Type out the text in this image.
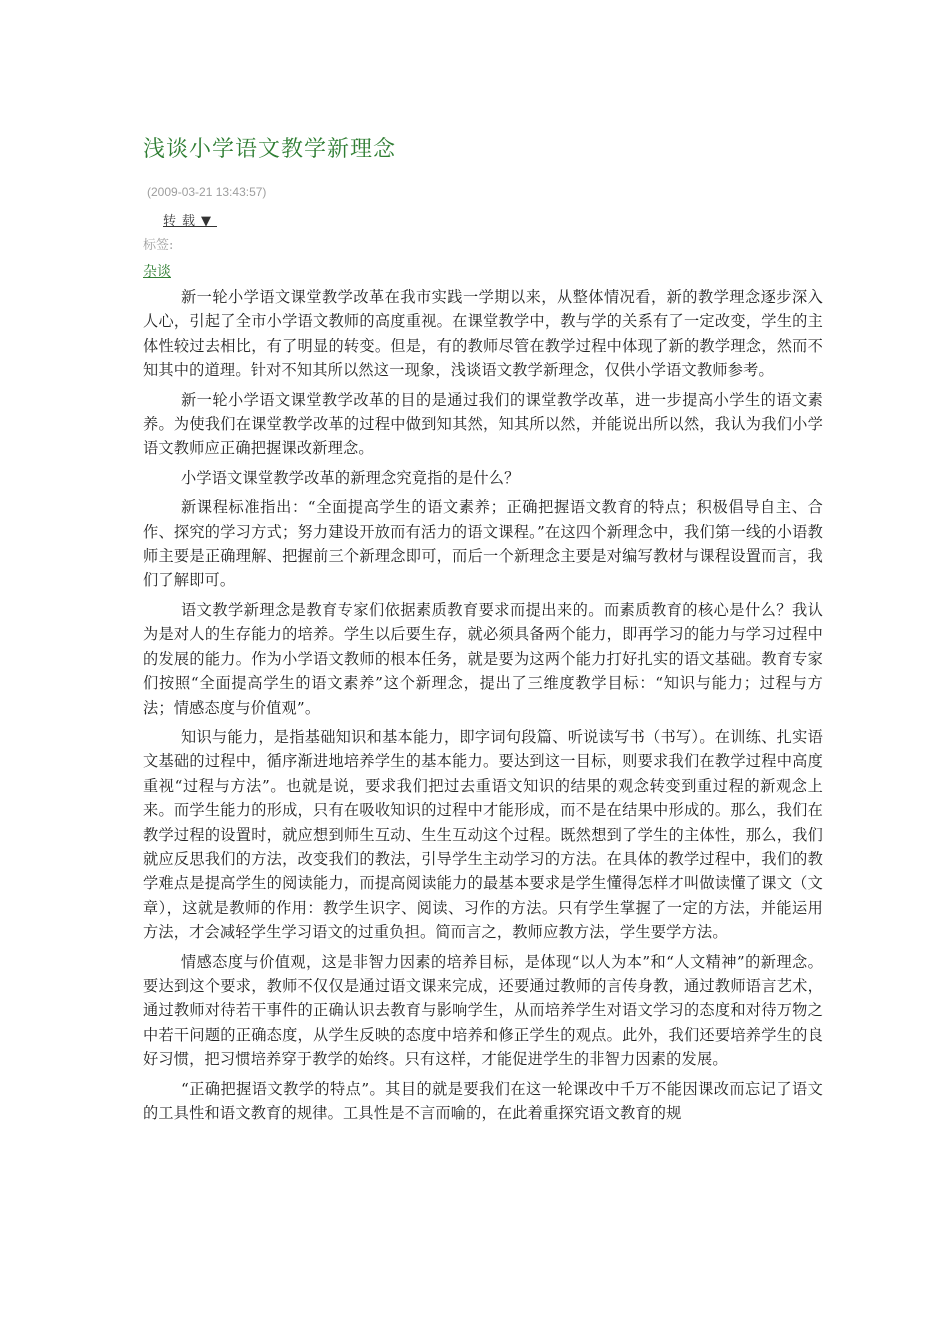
浅谈小学语文教学新理念
(2009-03-21 13:43:57)
转载▼
标签:
杂谈

新一轮小学语文课堂教学改革在我市实践一学期以来，从整体情况看，新的教学理念逐步深入人心，引起了全市小学语文教师的高度重视。在课堂教学中，教与学的关系有了一定改变，学生的主体性较过去相比，有了明显的转变。但是，有的教师尽管在教学过程中体现了新的教学理念，然而不知其中的道理。针对不知其所以然这一现象，浅谈语文教学新理念，仅供小学语文教师参考。

新一轮小学语文课堂教学改革的目的是通过我们的课堂教学改革，进一步提高小学生的语文素养。为使我们在课堂教学改革的过程中做到知其然，知其所以然，并能说出所以然，我认为我们小学语文教师应正确把握课改新理念。

小学语文课堂教学改革的新理念究竟指的是什么？

新课程标准指出：“全面提高学生的语文素养；正确把握语文教育的特点；积极倡导自主、合作、探究的学习方式；努力建设开放而有活力的语文课程。”在这四个新理念中，我们第一线的小语教师主要是正确理解、把握前三个新理念即可，而后一个新理念主要是对编写教材与课程设置而言，我们了解即可。

语文教学新理念是教育专家们依据素质教育要求而提出来的。而素质教育的核心是什么？我认为是对人的生存能力的培养。学生以后要生存，就必须具备两个能力，即再学习的能力与学习过程中的发展的能力。作为小学语文教师的根本任务，就是要为这两个能力打好扎实的语文基础。教育专家们按照“全面提高学生的语文素养”这个新理念，提出了三维度教学目标：“知识与能力；过程与方法；情感态度与价值观”。

知识与能力，是指基础知识和基本能力，即字词句段篇、听说读写书（书写）。在训练、扎实语文基础的过程中，循序渐进地培养学生的基本能力。要达到这一目标，则要求我们在教学过程中高度重视“过程与方法”。也就是说，要求我们把过去重语文知识的结果的观念转变到重过程的新观念上来。而学生能力的形成，只有在吸收知识的过程中才能形成，而不是在结果中形成的。那么，我们在教学过程的设置时，就应想到师生互动、生生互动这个过程。既然想到了学生的主体性，那么，我们就应反思我们的方法，改变我们的教法，引导学生主动学习的方法。在具体的教学过程中，我们的教学难点是提高学生的阅读能力，而提高阅读能力的最基本要求是学生懂得怎样才叫做读懂了课文（文章），这就是教师的作用：教学生识字、阅读、习作的方法。只有学生掌握了一定的方法，并能运用方法，才会减轻学生学习语文的过重负担。简而言之，教师应教方法，学生要学方法。

情感态度与价值观，这是非智力因素的培养目标，是体现“以人为本”和“人文精神”的新理念。要达到这个要求，教师不仅仅是通过语文课来完成，还要通过教师的言传身教，通过教师语言艺术，通过教师对待若干事件的正确认识去教育与影响学生，从而培养学生对语文学习的态度和对待万物之中若干问题的正确态度，从学生反映的态度中培养和修正学生的观点。此外，我们还要培养学生的良好习惯，把习惯培养穿于教学的始终。只有这样，才能促进学生的非智力因素的发展。

“正确把握语文教学的特点”。其目的就是要我们在这一轮课改中千万不能因课改而忘记了语文的工具性和语文教育的规律。工具性是不言而喻的，在此着重探究语文教育的规
